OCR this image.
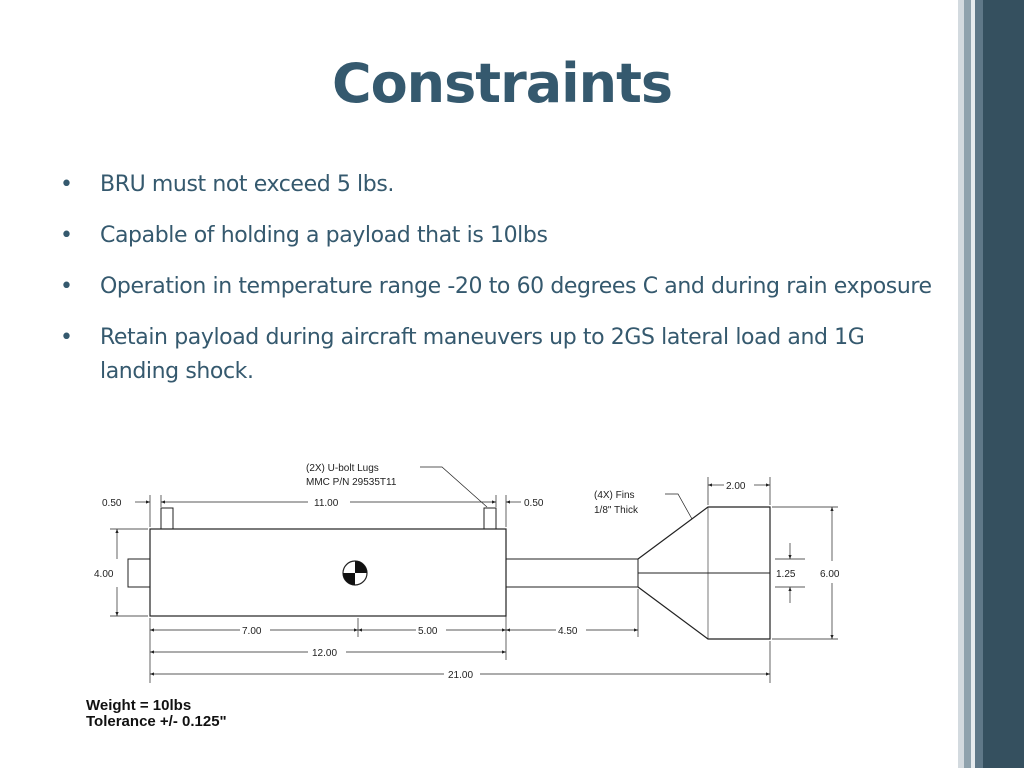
Constraints
• BRU must not exceed 5 lbs.
• Capable of holding a payload that is 10lbs
• Operation in temperature range -20 to 60 degrees C and during rain exposure
• Retain payload during aircraft maneuvers up to 2GS lateral load and 1G landing shock.
0.50	11.00	0.50
(2X) U-bolt Lugs
MMC P/N 29535T11
(4X) Fins
1/8" Thick
2.00
4.00	1.25 6.00
7.00	5.00	4.50
12.00
21.00
Weight = 10lbs
Tolerance +/- 0.125"
